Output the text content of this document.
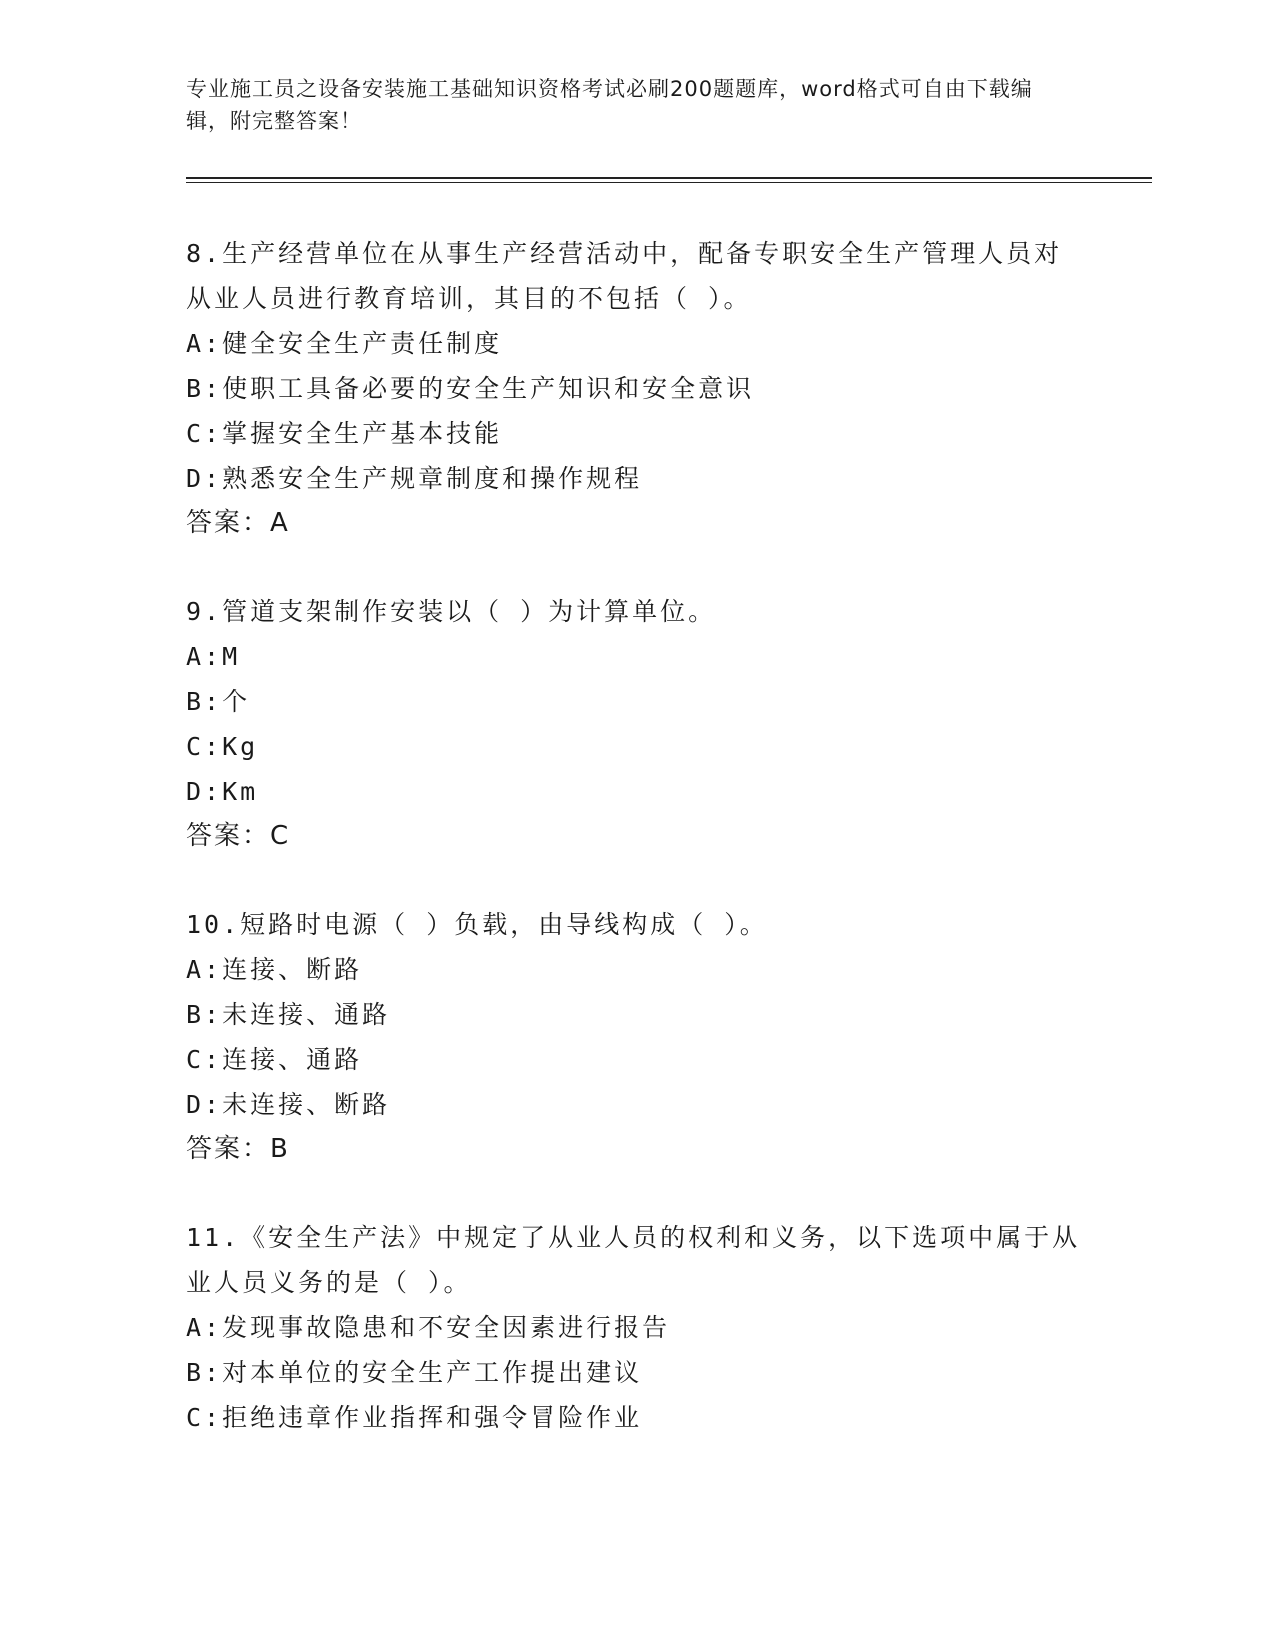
专业施工员之设备安装施工基础知识资格考试必刷200题题库，word格式可自由下载编辑，附完整答案！
8.生产经营单位在从事生产经营活动中，配备专职安全生产管理人员对从业人员进行教育培训，其目的不包括（ ）。
A: 健全安全生产责任制度
B: 使职工具备必要的安全生产知识和安全意识
C: 掌握安全生产基本技能
D: 熟悉安全生产规章制度和操作规程
答案：A
9.管道支架制作安装以（ ）为计算单位。
A: M
B: 个
C: Kg
D: Km
答案：C
10.短路时电源（ ）负载，由导线构成（ ）。
A: 连接、断路
B: 未连接、通路
C: 连接、通路
D: 未连接、断路
答案：B
11.《安全生产法》中规定了从业人员的权利和义务，以下选项中属于从业人员义务的是（ ）。
A: 发现事故隐患和不安全因素进行报告
B: 对本单位的安全生产工作提出建议
C: 拒绝违章作业指挥和强令冒险作业
